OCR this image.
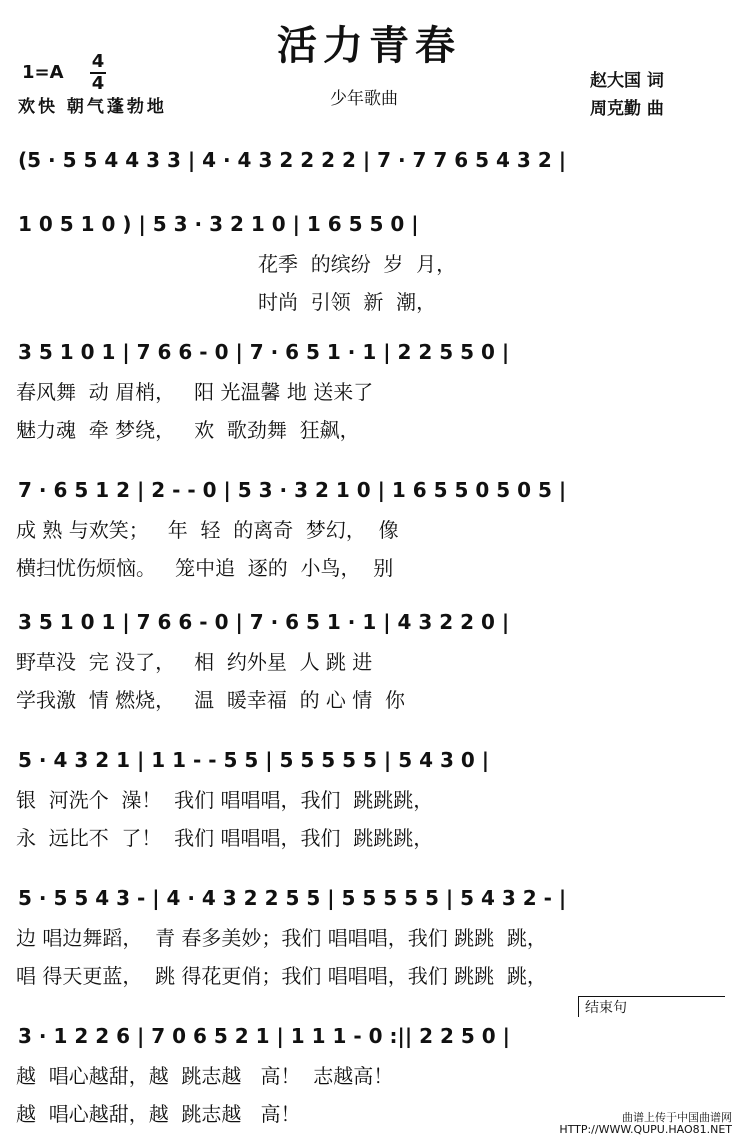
活力青春
少年歌曲
1=A
4
4
欢快 朝气蓬勃地
赵大国 词
周克勤 曲
(5 · 5 5 4 4 3 3 | 4 · 4 3 2 2 2 2 | 7 · 7 7 6 5 4 3 2 |
1 0 5 1 0 ) | 5 3 · 3 2 1 0 | 1 6 5 5 0 |
花季  的缤纷  岁  月，
时尚  引领  新  潮，
3 5 1 0 1 | 7 6 6 - 0 | 7 · 6 5 1 · 1 | 2 2 5 5 0 |
春风舞  动 眉梢，   阳 光温馨 地 送来了
魅力魂  牵 梦绕，   欢  歌劲舞  狂飙，
7 · 6 5 1 2 | 2 - - 0 | 5 3 · 3 2 1 0 | 1 6 5 5 0 5 0 5 |
成 熟 与欢笑；   年  轻  的离奇  梦幻，  像
横扫忧伤烦恼。   笼中追  逐的  小鸟，  别
3 5 1 0 1 | 7 6 6 - 0 | 7 · 6 5 1 · 1 | 4 3 2 2 0 |
野草没  完 没了，   相  约外星  人 跳 进
学我激  情 燃烧，   温  暖幸福  的 心 情  你
5 · 4 3 2 1 | 1 1 - - 5 5 | 5 5 5 5 5 | 5 4 3 0 |
银  河洗个  澡！  我们 唱唱唱，我们  跳跳跳，
永  远比不  了！  我们 唱唱唱，我们  跳跳跳，
5 · 5 5 4 3 - | 4 · 4 3 2 2 5 5 | 5 5 5 5 5 | 5 4 3 2 - |
边 唱边舞蹈，  青 春多美妙；我们 唱唱唱，我们 跳跳  跳，
唱 得天更蓝，  跳 得花更俏；我们 唱唱唱，我们 跳跳  跳，
3 · 1 2 2 6 | 7 0 6 5 2 1 | 1 1 1 - 0 :|| 2 2 5 0 |
越  唱心越甜，越  跳志越   高！  志越高！
越  唱心越甜，越  跳志越   高！	曲谱上传于中国曲谱网
HTTP://WWW.QUPU.HAO81.NET
结束句
